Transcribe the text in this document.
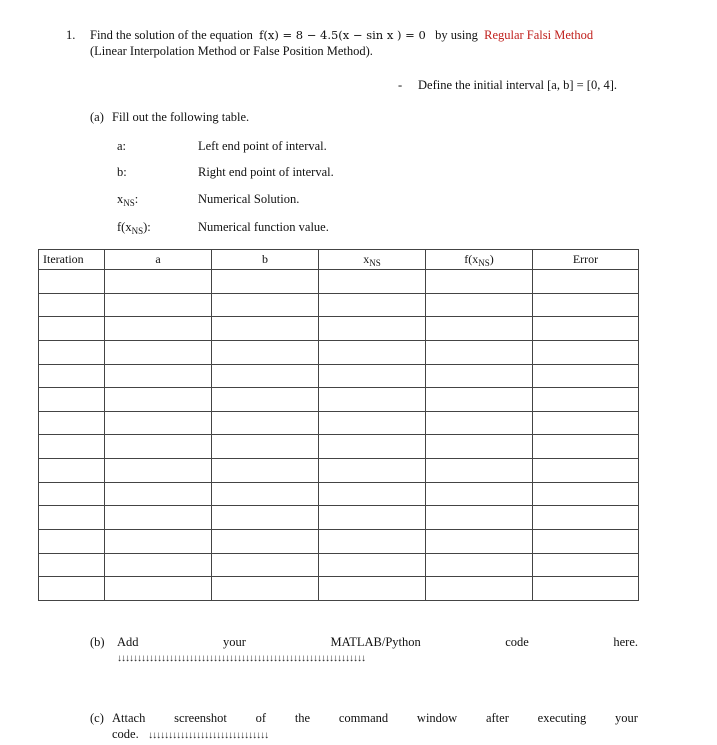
1. Find the solution of the equation f(x) = 8 − 4.5(x − sin x ) = 0 by using Regular Falsi Method
(Linear Interpolation Method or False Position Method).
- Define the initial interval [a, b] = [0, 4].
(a) Fill out the following table.
a:	Left end point of interval.
b:	Right end point of interval.
$x_{NS}$:	Numerical Solution.
$f(x_{NS})$:	Numerical function value.
Iteration	a	b	$x_{NS}$	$f(x_{NS})$	Error

(b) Add	your	MATLAB/Python	code	here.
↓↓↓↓↓↓↓↓↓↓↓↓↓↓↓↓↓↓↓↓↓↓↓↓↓↓↓↓↓↓↓↓↓↓↓↓↓↓↓↓↓↓↓↓↓↓↓↓↓↓↓↓↓↓↓↓↓↓↓↓↓↓
(c) Attach screenshot of the command window after executing your
code. ↓↓↓↓↓↓↓↓↓↓↓↓↓↓↓↓↓↓↓↓↓↓↓↓↓↓↓↓↓↓
